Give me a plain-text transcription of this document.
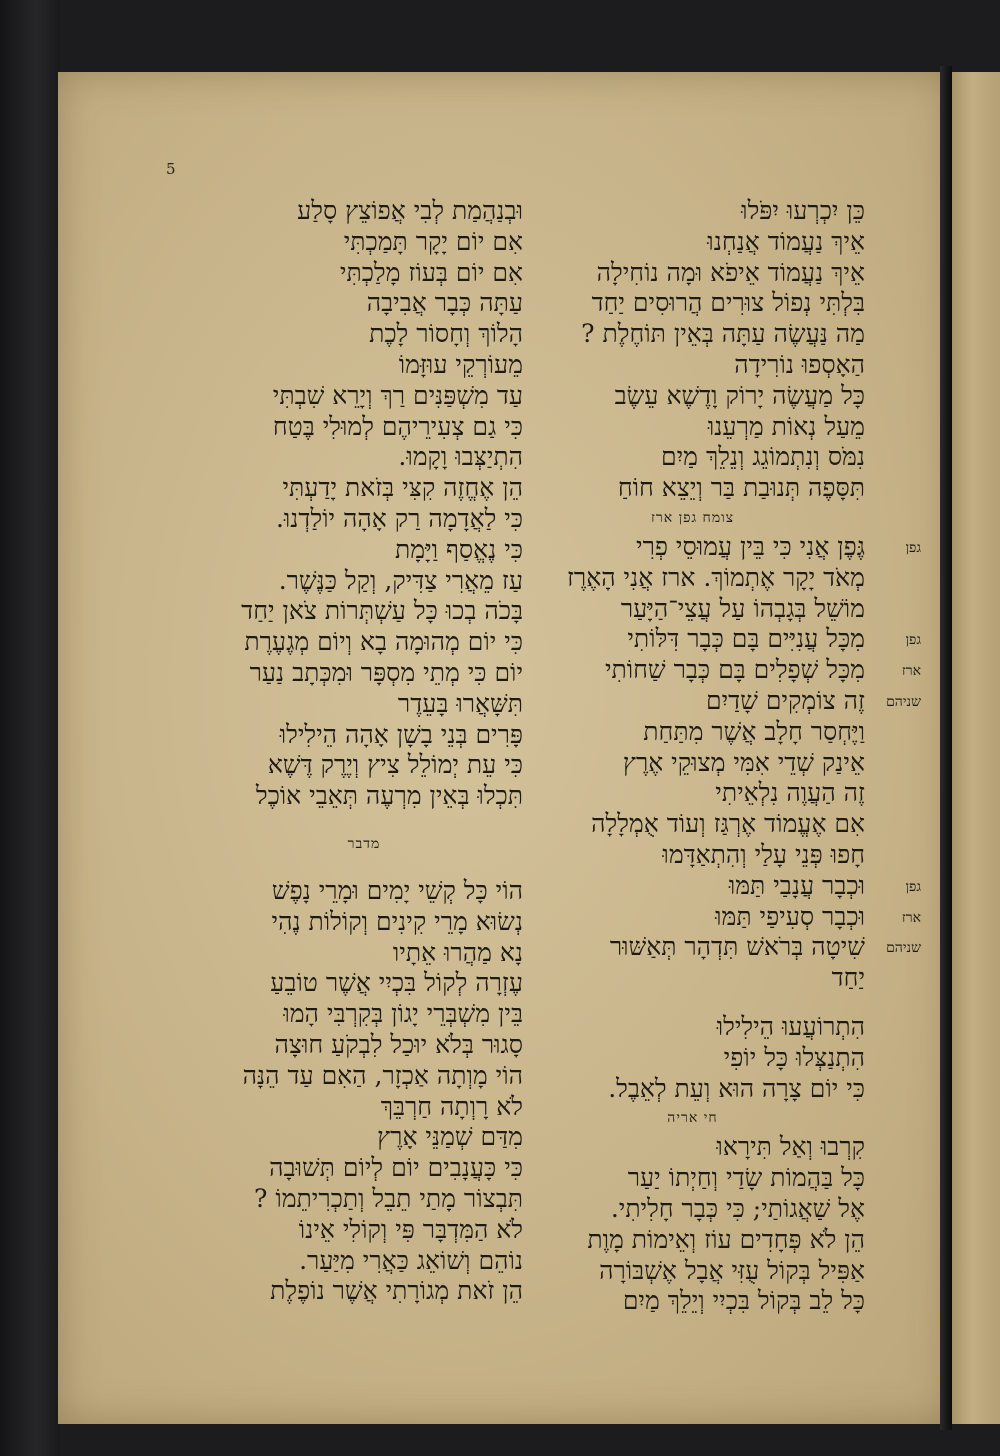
5
כֵּן יִכְרְעוּ יִפֹּלוּ
אֵיךְ נַעֲמוֹד אֲנַחְנוּ
אֵיךְ נַעֲמוֹד אֵיפֹא וּמָה נוֹחִילָה
בִּלְתִּי נְפוֹל צוּרִים הֲרוּסִים יַחַד
מַה נַּעֲשֶׂה עַתָּה בְּאֵין תּוֹחֶלֶת ?
הַאָסְפוּ נוֹרִידָה
כָּל מַעֲשֶׂה יָרוֹק וָדֶשֶׁא עֵשֶׂב
מֵעַל נְאוֹת מַרְעֵנוּ
נִמֹּס וְנִתְמוֹגֵג וְנֵלֵךְ מַיִם
תִּסָּפֶה תְּנוּבַת בַּר וְיֵצֵא חוֹחַ
צומח גפן ארז
גפןגֶּפֶן אֲנִי כִּי בֵּין עֲמוּסֵי פְרִי
מְאֹד יָקָר אֶתְמוֹךְ. ארז אֲנִי הָאֶרֶז
מוֹשֵׁל בְּגָבְהוֹ עַל עֲצֵי־הַיָּעַר
גפןמִכָּל עֲנִיִּים בָּם כְּבָר דִּלּוֹתִי
ארזמִכָּל שְׁפָלִים בָּם כְּבָר שַׁחוֹתִי
שניהםזֶה צוֹמְקִים שָׁדַיִם
וַיֶּחְסַר חָלָב אֲשֶׁר מִתַּחַת
אֵינַק שְׁדֵי אִמִּי מְצוּקֵי אֶרֶץ
זֶה הַעֲוֶה נִלְאֵיתִי
אִם אֶעֱמוֹד אֶרְגַּז וְעוֹד אֻמְלָלָה
חָפוּ פְּנֵי עָלַי וְהִתְאַדָּמוּ
גפןוּכְבָר עֲנָבַי תַּמּוּ
ארזוּכְבָר סְעִיפַי תַּמּוּ
שניהםשִׁיטָה בְּרֹאשׁ תִּדְהָר תְּאַשּׁוּר
יַחַד
הִתְרוֹעֲעוּ הֵילִילוּ
הִתְנַצְּלוּ כָּל יוֹפִי
כִּי יוֹם צָרָה הוּא וְעֵת לְאֵבֶל.
חי אריה
קִרְבוּ וְאַל תִּירָאוּ
כָּל בַּהֲמוֹת שָׂדַי וְחַיְתוֹ יַעַר
אֶל שַׁאֲגוֹתַי; כִּי כְּבָר חָלִיתִי.
הֵן לֹא פְּחָדִים עוֹז וְאֵימוֹת מָוֶת
אַפִּיל בְּקוֹל עֻזִּי אֲבָל אֶשְׁבּוֹרָה
כָּל לֵב בְּקוֹל בִּכְיִי וְיֵלֵךְ מַיִם
וּבְנַהֲמַת לְבִי אֲפוֹצֵץ סָלַע
אִם יוֹם יָקָר תָּמַכְתִּי
אִם יוֹם בְּעוֹז מָלַכְתִּי
עַתָּה כְּבָר אֲבִיבָה
הָלוֹךְ וְחָסוֹר לָכֶת
מֵעוֹרְקֵי עוּזָּמוֹ
עַד מִשְׁפַּנִּים רַךְ וְיָרֵא שִׁבְתִּי
כִּי גַם צְעִירֵיהֶם לְמוּלִי בֶּטַח
הִתְיַצְּבוּ וָקָמוּ.
הֵן אֶחֱזֶה קִצִּי בְּזֹאת יָדַעְתִּי
כִּי לַאֲדָמָה רַק אָהָה יוֹלַדְנוּ.
כִּי נֶאֱסַף וַיָּמָת
עַז מֵאֲרִי צַדִּיק, וְקַל כַּנֶּשֶׁר.
בָּכֹה בְכוּ כָּל עַשְׁתְּרוֹת צֹאן יַחַד
כִּי יוֹם מְהוּמָה בָא וְיוֹם מְגֶעֶרֶת
יוֹם כִּי מְתֵי מִסְפָּר וּמִכְּתָב נַעַר
תִּשָּׁאֲרוּ בָּעֵדֶר
פָּרִים בְּנֵי בָשָׁן אָהָה הֵילִילוּ
כִּי עֵת יְמוֹלֵל צִיץ וְיֶרֶק דֶּשֶׁא
תִּכְלוּ בְּאֵין מִרְעֶה תְּאֵבֵי אוֹכֶל
מדבר
הוֹי כָּל קְשֵׁי יָמִים וּמָרֵי נָפֶשׁ
נְשׂוּא מָרֵי קִינִים וְקוֹלוֹת נֶהִי
נָא מַהֲרוּ אֵתָיו
עֶזְרָה לְקוֹל בִּכְיִי אֲשֶׁר טוֹבֵעַ
בֵּין מִשְׁבְּרֵי יָגוֹן בְּקִרְבִּי הָמוּ
סָגוּר בְּלֹא יוּכַל לִבְקֹעַ חוּצָה
הוֹי מָוְתָה אַכְזָר, הַאִם עַד הֵנָּה
לֹא רָוְתָה חַרְבֵּךְ
מִדַּם שְׁמַנֵּי אָרֶץ
כִּי כָּעֲנָבִים יוֹם לְיוֹם תְּשׁוּבָה
תִּבְצוֹר מָתַי תֵבֵל וְתַכְרִיתֵמוֹ ?
לֹא הַמִּדְבָּר פִּי וְקוֹלִי אֵינוֹ
נוֹהֵם וְשׁוֹאֵג כַּאֲרִי מִיַּעַר.
הֵן זֹאת מְגוֹרָתִי אֲשֶׁר נוֹפֶלֶת
